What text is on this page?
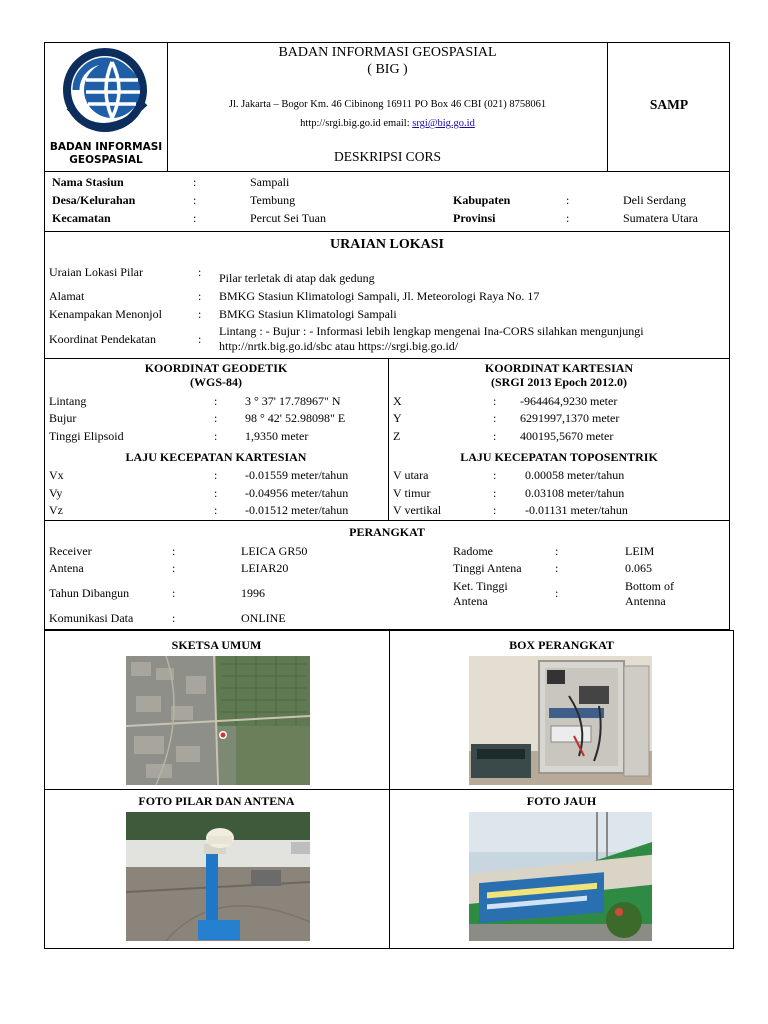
BADAN INFORMASI
GEOSPASIAL
BADAN INFORMASI GEOSPASIAL
( BIG )
Jl. Jakarta – Bogor Km. 46 Cibinong 16911 PO Box 46 CBI (021) 8758061
http://srgi.big.go.id email: srgi@big.go.id
DESKRIPSI CORS
SAMP
Nama Stasiun	:	Sampali
Desa/Kelurahan	:	Tembung
Kecamatan	:	Percut Sei Tuan
Kabupaten	:	Deli Serdang
Provinsi	:	Sumatera Utara
URAIAN LOKASI
Uraian Lokasi Pilar	: Pilar terletak di atap dak gedung
Alamat	: BMKG Stasiun Klimatologi Sampali, Jl. Meteorologi Raya No. 17
Kenampakan Menonjol	: BMKG Stasiun Klimatologi Sampali
Koordinat Pendekatan	:
Lintang : - Bujur : - Informasi lebih lengkap mengenai Ina-CORS silahkan mengunjungi
http://nrtk.big.go.id/sbc atau https://srgi.big.go.id/
KOORDINAT GEODETIK
(WGS-84)
Lintang	: 3 ° 37' 17.78967" N
Bujur	: 98 ° 42' 52.98098" E
Tinggi Elipsoid	: 1,9350 meter
KOORDINAT KARTESIAN
(SRGI 2013 Epoch 2012.0)
X	: -964464,9230 meter
Y	: 6291997,1370 meter
Z	: 400195,5670 meter
LAJU KECEPATAN KARTESIAN
Vx	: -0.01559 meter/tahun
Vy	: -0.04956 meter/tahun
Vz	: -0.01512 meter/tahun
LAJU KECEPATAN TOPOSENTRIK
V utara	: 0.00058 meter/tahun
V timur	: 0.03108 meter/tahun
V vertikal	: -0.01131 meter/tahun
PERANGKAT
Receiver	:	LEICA GR50
Antena	:	LEIAR20
Tahun Dibangun	:	1996
Komunikasi Data	:	ONLINE
Radome	:	LEIM
Tinggi Antena	:	0.065
Ket. Tinggi
Antena
:	Bottom of
Antenna
SKETSA UMUM	BOX PERANGKAT
FOTO PILAR DAN ANTENA	FOTO JAUH
